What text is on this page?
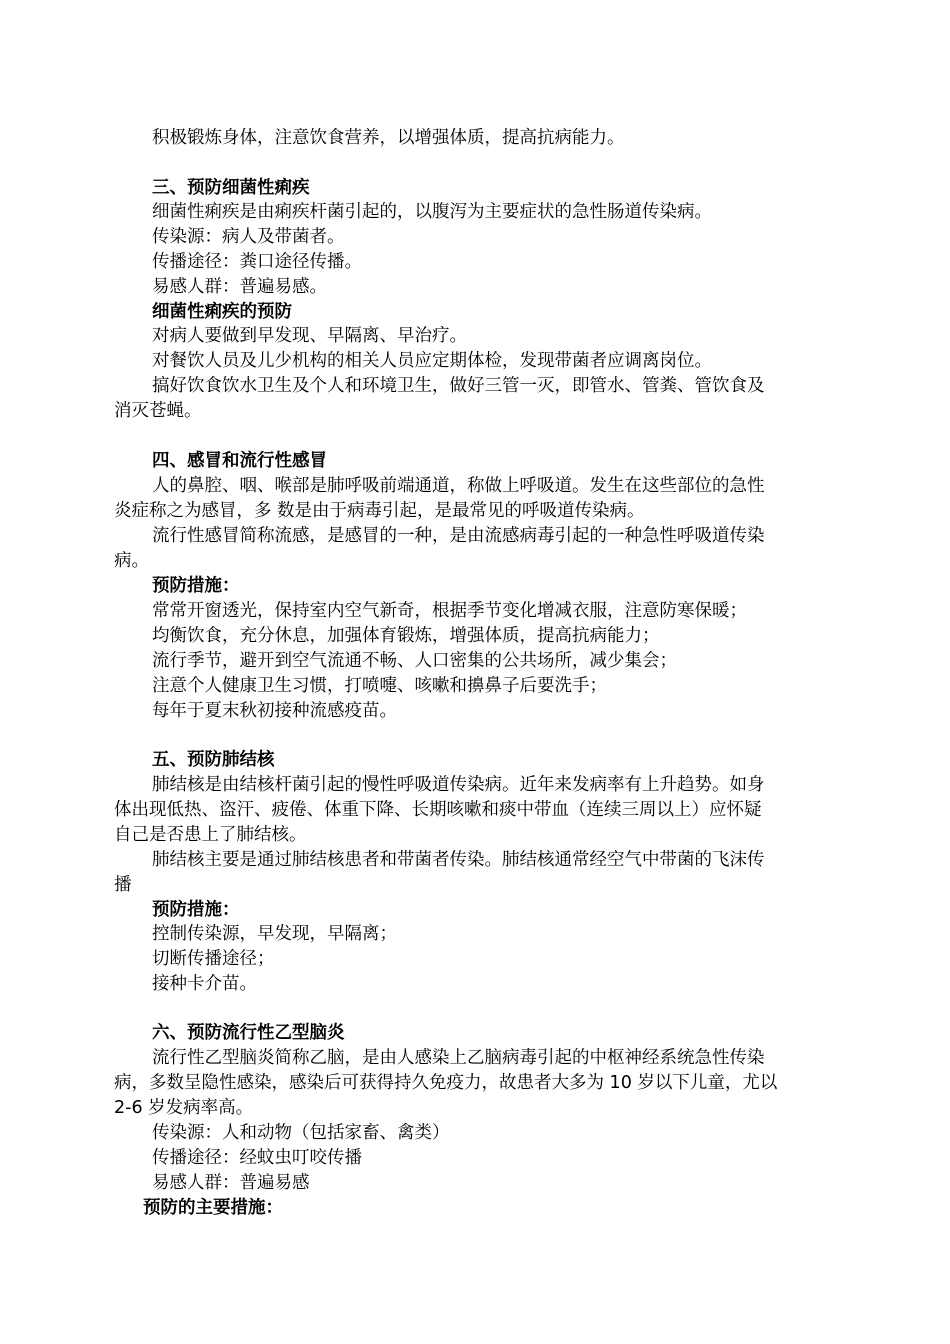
积极锻炼身体，注意饮食营养，以增强体质，提高抗病能力。
三、预防细菌性痢疾
细菌性痢疾是由痢疾杆菌引起的，以腹泻为主要症状的急性肠道传染病。
传染源：病人及带菌者。
传播途径：粪口途径传播。
易感人群：普遍易感。
细菌性痢疾的预防
对病人要做到早发现、早隔离、早治疗。
对餐饮人员及儿少机构的相关人员应定期体检，发现带菌者应调离岗位。
搞好饮食饮水卫生及个人和环境卫生，做好三管一灭，即管水、管粪、管饮食及
消灭苍蝇。
四、感冒和流行性感冒
人的鼻腔、咽、喉部是肺呼吸前端通道，称做上呼吸道。发生在这些部位的急性
炎症称之为感冒，多 数是由于病毒引起，是最常见的呼吸道传染病。
流行性感冒简称流感，是感冒的一种，是由流感病毒引起的一种急性呼吸道传染
病。
预防措施：
常常开窗透光，保持室内空气新奇，根据季节变化增减衣服，注意防寒保暖；
均衡饮食，充分休息，加强体育锻炼，增强体质，提高抗病能力；
流行季节，避开到空气流通不畅、人口密集的公共场所，减少集会；
注意个人健康卫生习惯，打喷嚏、咳嗽和擤鼻子后要洗手；
每年于夏末秋初接种流感疫苗。
五、预防肺结核
肺结核是由结核杆菌引起的慢性呼吸道传染病。近年来发病率有上升趋势。如身
体出现低热、盗汗、疲倦、体重下降、长期咳嗽和痰中带血（连续三周以上）应怀疑
自己是否患上了肺结核。
肺结核主要是通过肺结核患者和带菌者传染。肺结核通常经空气中带菌的飞沫传
播
预防措施：
控制传染源，早发现，早隔离；
切断传播途径；
接种卡介苗。
六、预防流行性乙型脑炎
流行性乙型脑炎简称乙脑，是由人感染上乙脑病毒引起的中枢神经系统急性传染
病，多数呈隐性感染，感染后可获得持久免疫力，故患者大多为 10 岁以下儿童，尤以
2-6 岁发病率高。
传染源：人和动物（包括家畜、禽类）
传播途径：经蚊虫叮咬传播
易感人群：普遍易感
预防的主要措施：
